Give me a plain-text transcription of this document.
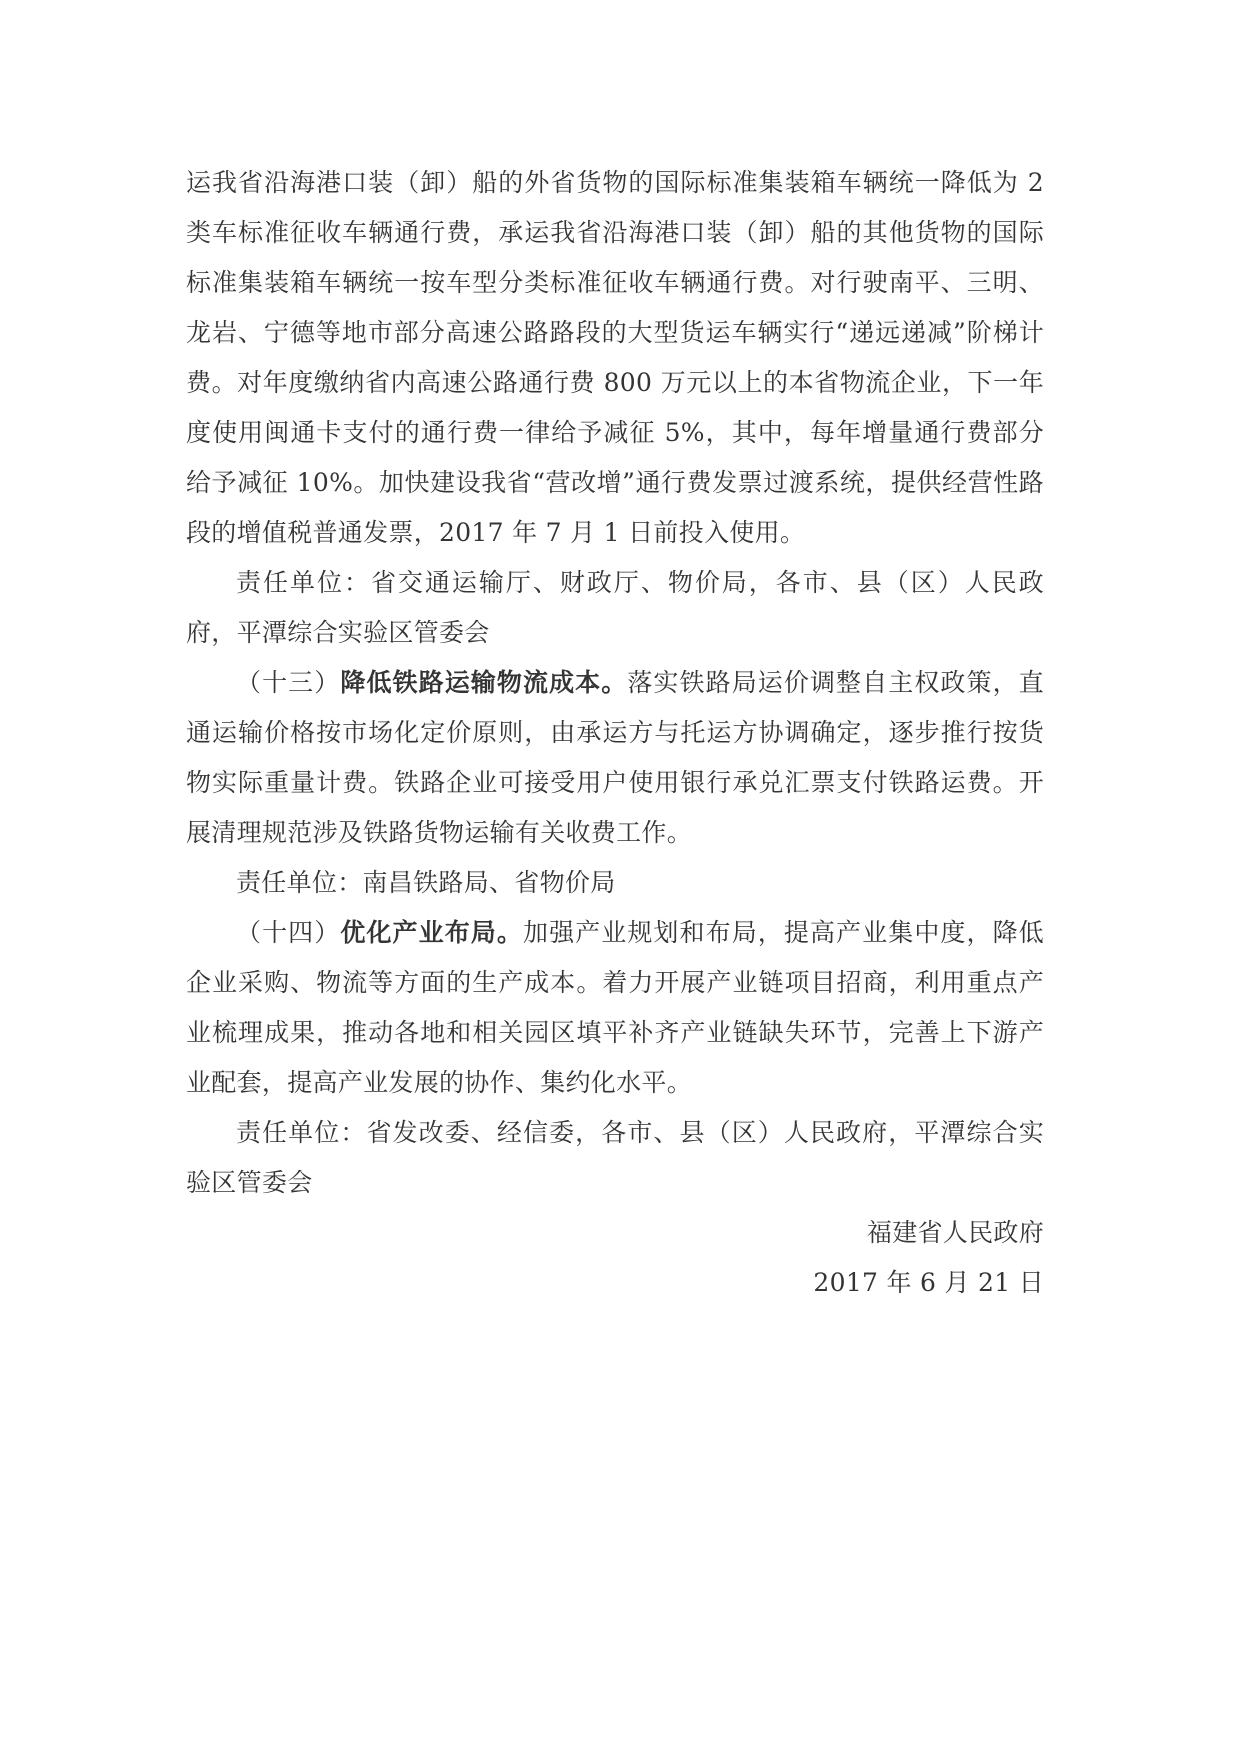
运我省沿海港口装（卸）船的外省货物的国际标准集装箱车辆统一降低为 2 类车标准征收车辆通行费，承运我省沿海港口装（卸）船的其他货物的国际标准集装箱车辆统一按车型分类标准征收车辆通行费。对行驶南平、三明、龙岩、宁德等地市部分高速公路路段的大型货运车辆实行“递远递减”阶梯计费。对年度缴纳省内高速公路通行费 800 万元以上的本省物流企业，下一年度使用闽通卡支付的通行费一律给予减征 5%，其中，每年增量通行费部分给予减征 10%。加快建设我省“营改增”通行费发票过渡系统，提供经营性路段的增值税普通发票，2017 年 7 月 1 日前投入使用。

责任单位：省交通运输厅、财政厅、物价局，各市、县（区）人民政府，平潭综合实验区管委会

（十三）降低铁路运输物流成本。落实铁路局运价调整自主权政策，直通运输价格按市场化定价原则，由承运方与托运方协调确定，逐步推行按货物实际重量计费。铁路企业可接受用户使用银行承兑汇票支付铁路运费。开展清理规范涉及铁路货物运输有关收费工作。

责任单位：南昌铁路局、省物价局

（十四）优化产业布局。加强产业规划和布局，提高产业集中度，降低企业采购、物流等方面的生产成本。着力开展产业链项目招商，利用重点产业梳理成果，推动各地和相关园区填平补齐产业链缺失环节，完善上下游产业配套，提高产业发展的协作、集约化水平。

责任单位：省发改委、经信委，各市、县（区）人民政府，平潭综合实验区管委会

福建省人民政府

2017 年 6 月 21 日
